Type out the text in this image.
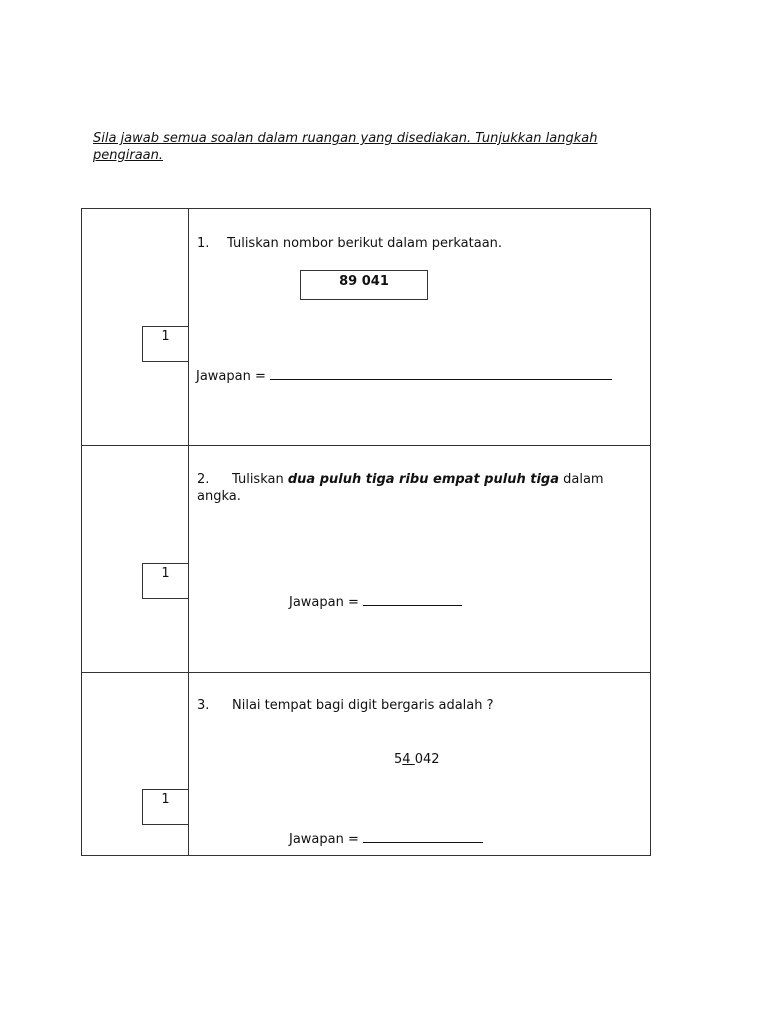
Sila jawab semua soalan dalam ruangan yang disediakan. Tunjukkan langkah pengiraan.
1
1. Tuliskan nombor berikut dalam perkataan.
89 041
Jawapan =
1
2. Tuliskan dua puluh tiga ribu empat puluh tiga dalam angka.
Jawapan =
1
3. Nilai tempat bagi digit bergaris adalah ?
54 042
Jawapan =
